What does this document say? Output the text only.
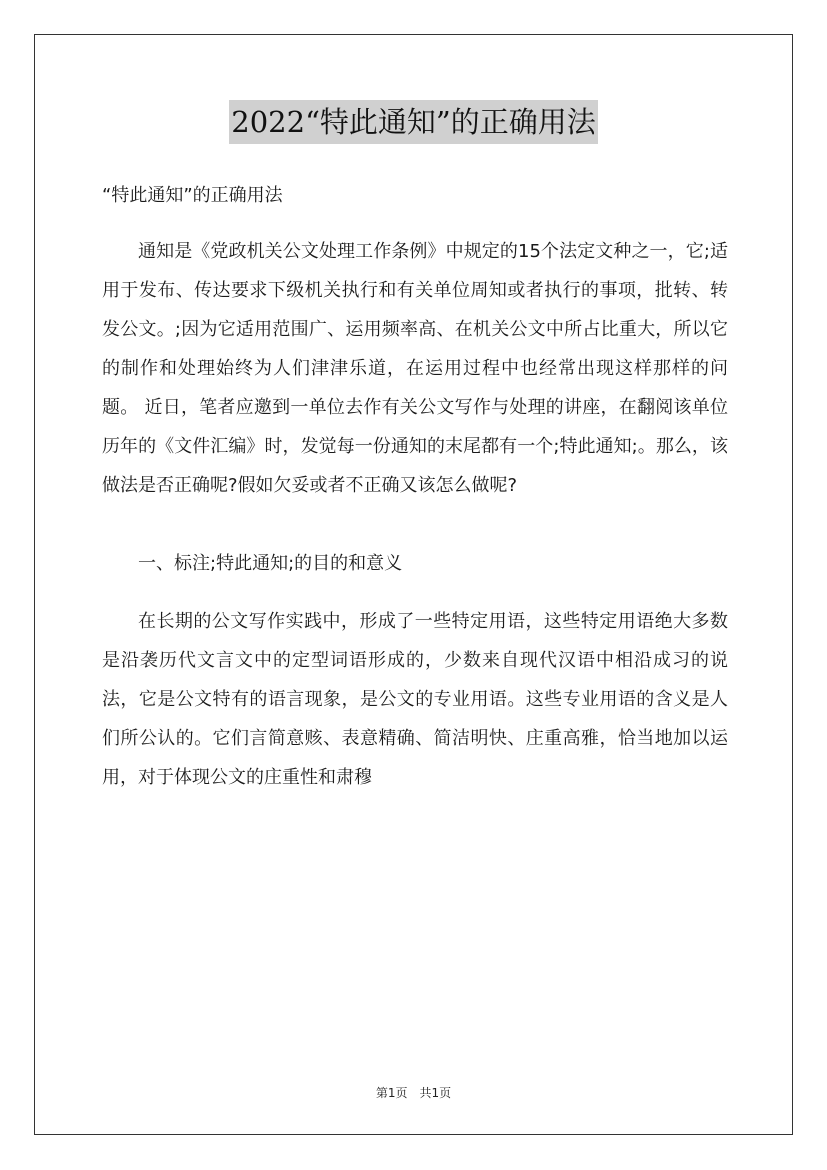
2022“特此通知”的正确用法

“特此通知”的正确用法

通知是《党政机关公文处理工作条例》中规定的15个法定文种之一，它;适用于发布、传达要求下级机关执行和有关单位周知或者执行的事项，批转、转发公文。;因为它适用范围广、运用频率高、在机关公文中所占比重大，所以它的制作和处理始终为人们津津乐道，在运用过程中也经常出现这样那样的问题。 近日，笔者应邀到一单位去作有关公文写作与处理的讲座，在翻阅该单位历年的《文件汇编》时，发觉每一份通知的末尾都有一个;特此通知;。那么，该做法是否正确呢?假如欠妥或者不正确又该怎么做呢?

一、标注;特此通知;的目的和意义

在长期的公文写作实践中，形成了一些特定用语，这些特定用语绝大多数是沿袭历代文言文中的定型词语形成的，少数来自现代汉语中相沿成习的说法，它是公文特有的语言现象，是公文的专业用语。这些专业用语的含义是人们所公认的。它们言简意赅、表意精确、简洁明快、庄重高雅，恰当地加以运用，对于体现公文的庄重性和肃穆

第1页 共1页
